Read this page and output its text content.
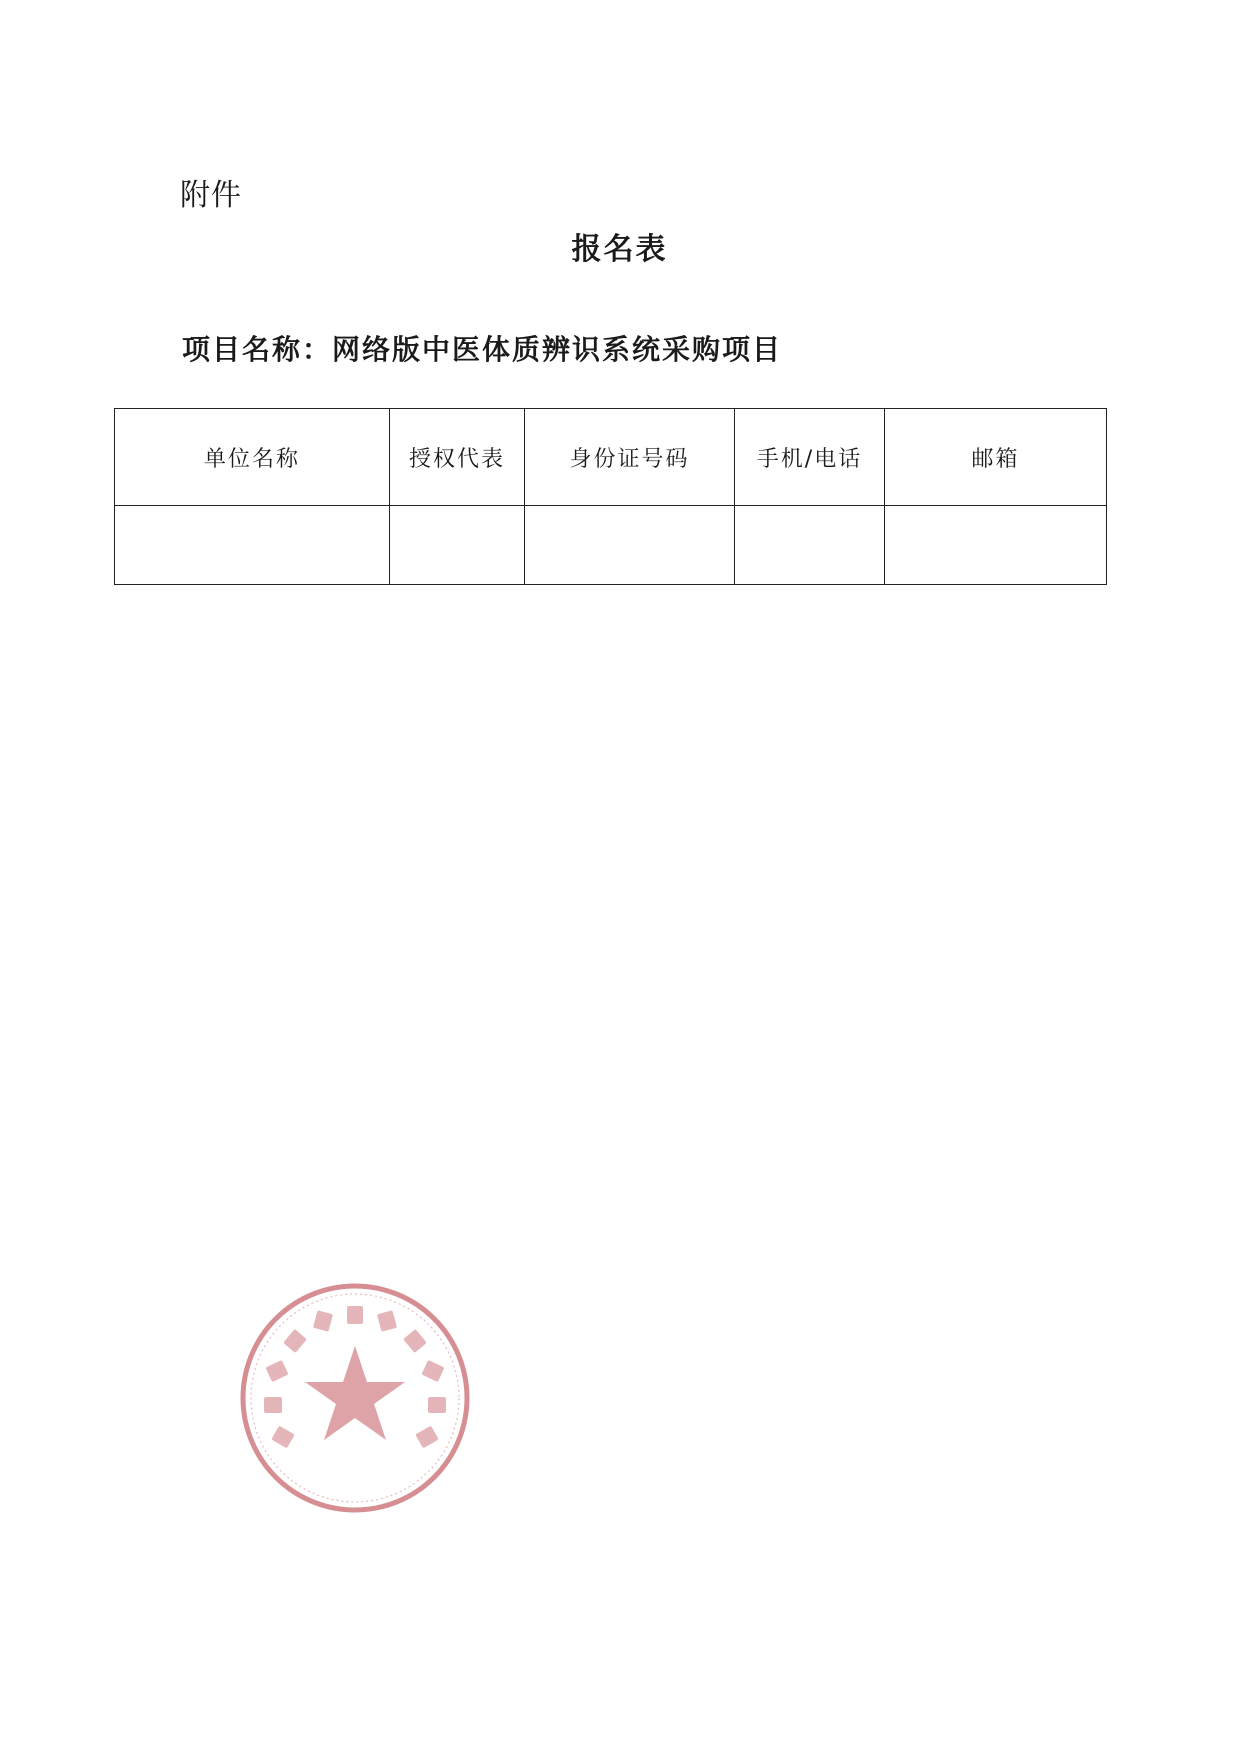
附件
报名表
项目名称：网络版中医体质辨识系统采购项目
单位名称	授权代表	身份证号码	手机/电话	邮箱
